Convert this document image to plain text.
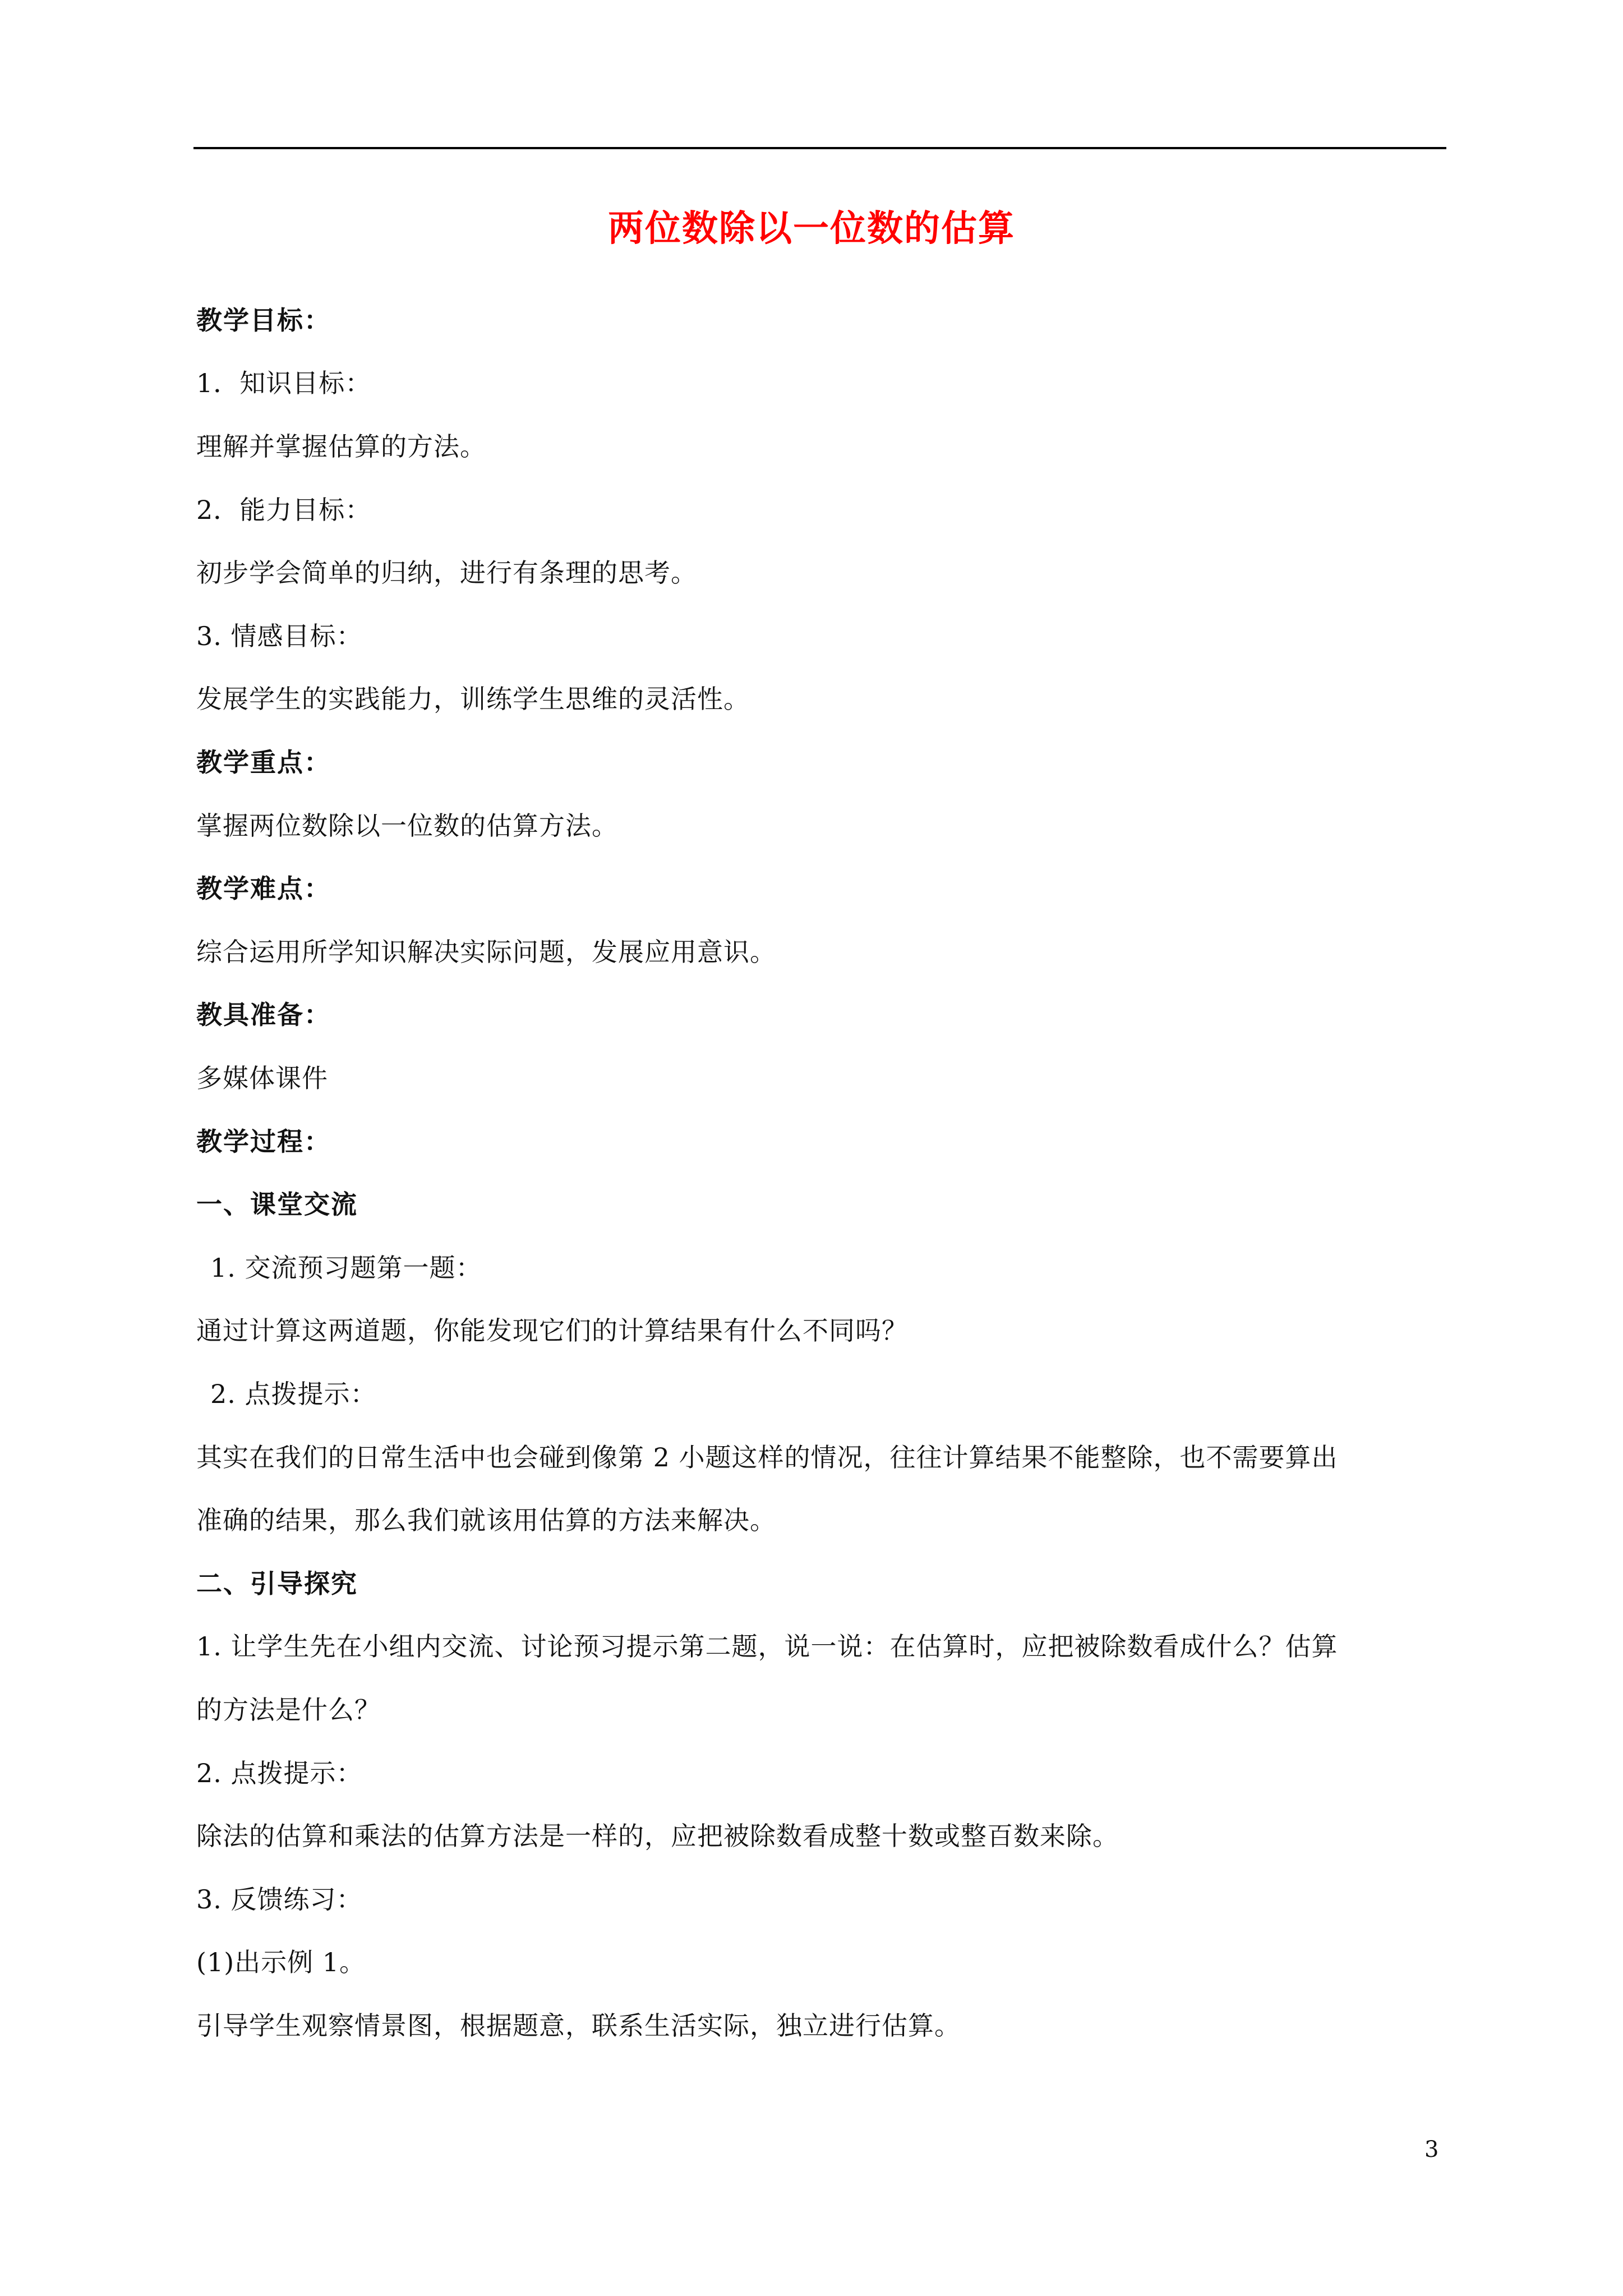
两位数除以一位数的估算
教学目标：
1．知识目标：
理解并掌握估算的方法。
2．能力目标：
初步学会简单的归纳，进行有条理的思考。
3. 情感目标：
发展学生的实践能力，训练学生思维的灵活性。
教学重点：
掌握两位数除以一位数的估算方法。
教学难点：
综合运用所学知识解决实际问题，发展应用意识。
教具准备：
多媒体课件
教学过程：
一、课堂交流
1. 交流预习题第一题：
通过计算这两道题，你能发现它们的计算结果有什么不同吗？
2. 点拨提示：
其实在我们的日常生活中也会碰到像第 2 小题这样的情况，往往计算结果不能整除，也不需要算出
准确的结果，那么我们就该用估算的方法来解决。
二、引导探究
1. 让学生先在小组内交流、讨论预习提示第二题，说一说：在估算时，应把被除数看成什么？估算
的方法是什么？
2. 点拨提示：
除法的估算和乘法的估算方法是一样的，应把被除数看成整十数或整百数来除。
3. 反馈练习：
(1)出示例 1。
引导学生观察情景图，根据题意，联系生活实际，独立进行估算。
3
